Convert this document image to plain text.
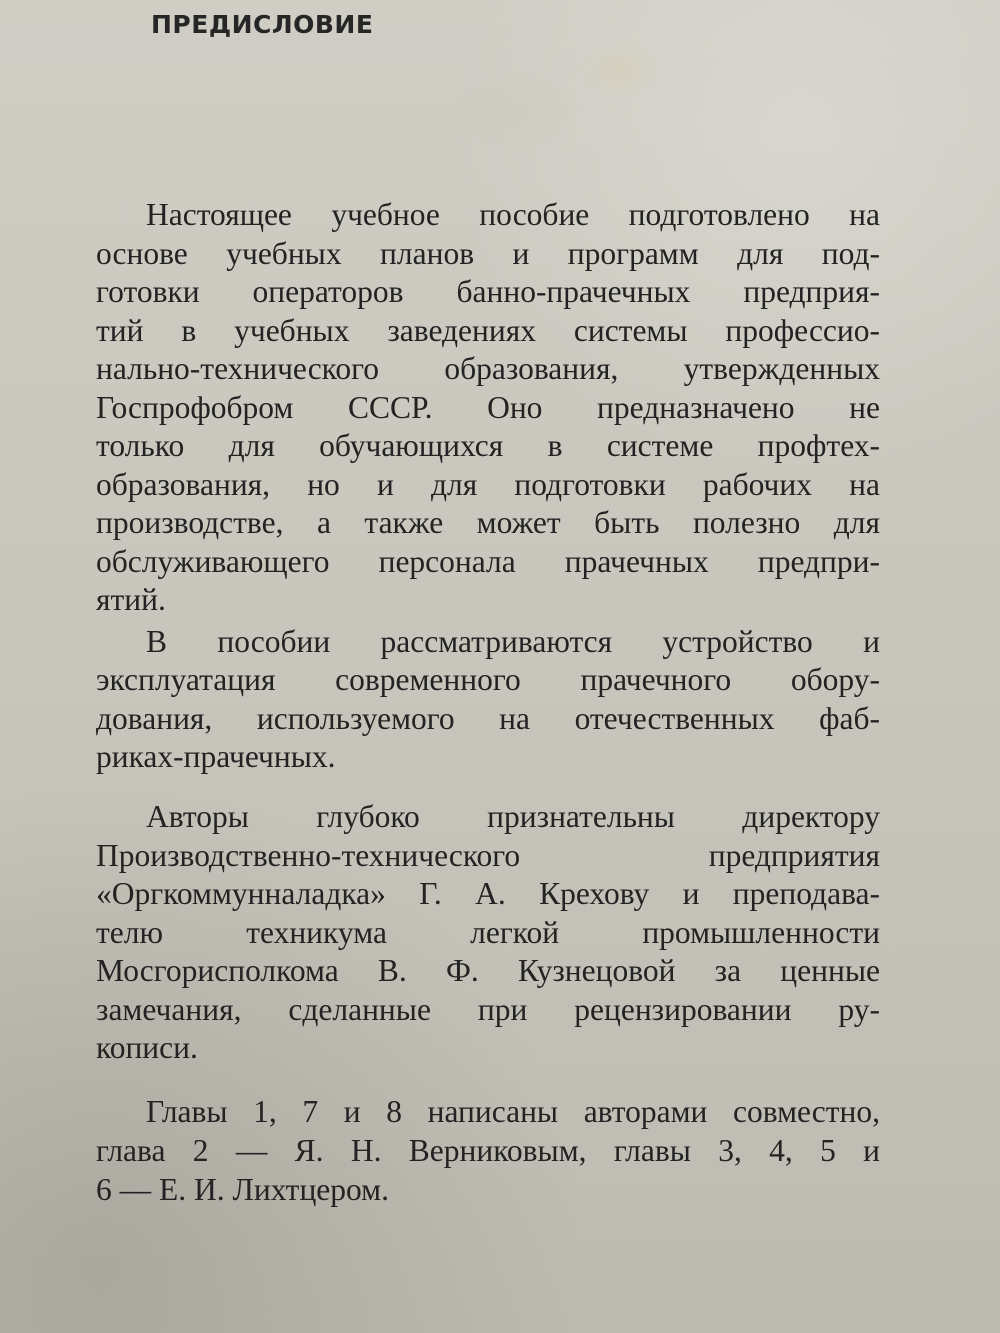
ПРЕДИСЛОВИЕ

Настоящее учебное пособие подготовлено на

основе учебных планов и программ для под-

готовки операторов банно-прачечных предприя-

тий в учебных заведениях системы профессио-

нально-технического образования, утвержденных

Госпрофобром СССР. Оно предназначено не

только для обучающихся в системе профтех-

образования, но и для подготовки рабочих на

производстве, а также может быть полезно для

обслуживающего персонала прачечных предпри-

ятий.

В пособии рассматриваются устройство и

эксплуатация современного прачечного обору-

дования, используемого на отечественных фаб-

риках-прачечных.

Авторы глубоко признательны директору

Производственно-технического предприятия

«Оргкоммунналадка» Г. А. Крехову и преподава-

телю техникума легкой промышленности

Мосгорисполкома В. Ф. Кузнецовой за ценные

замечания, сделанные при рецензировании ру-

кописи.

Главы 1, 7 и 8 написаны авторами совместно,

глава 2 — Я. Н. Верниковым, главы 3, 4, 5 и

6 — Е. И. Лихтцером.
